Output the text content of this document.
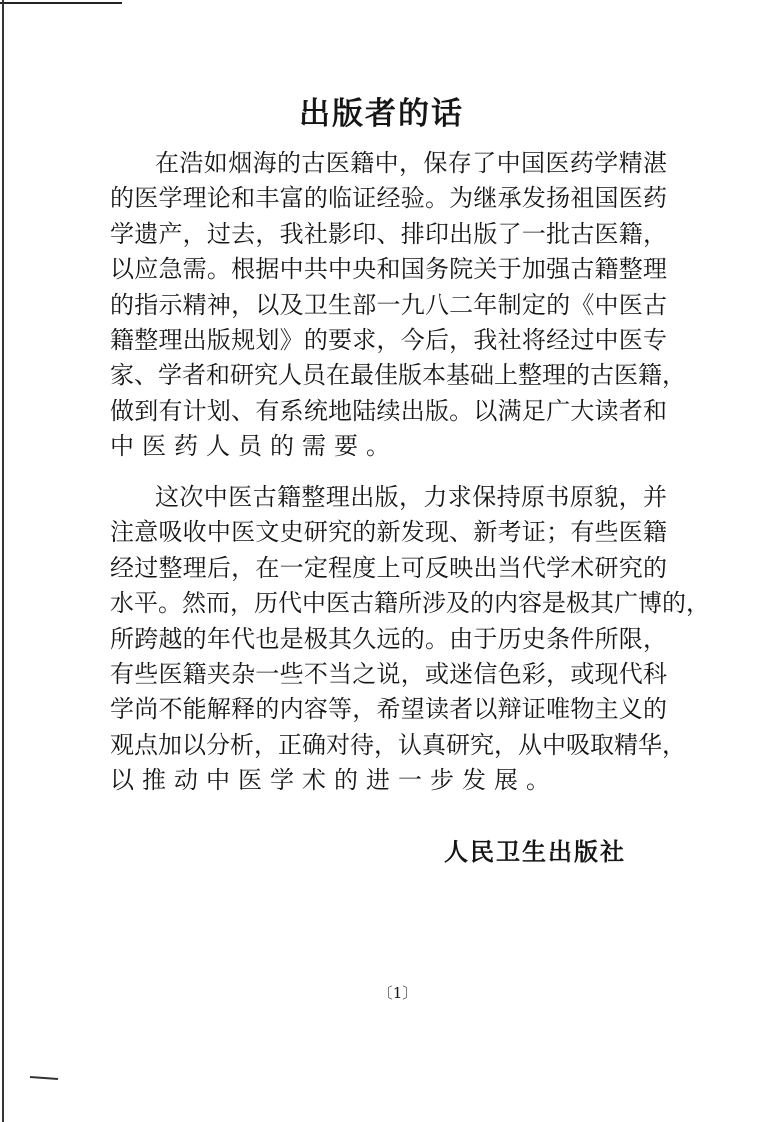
出版者的话
在浩如烟海的古医籍中，保存了中国医药学精湛
的医学理论和丰富的临证经验。为继承发扬祖国医药
学遗产，过去，我社影印、排印出版了一批古医籍，
以应急需。根据中共中央和国务院关于加强古籍整理
的指示精神，以及卫生部一九八二年制定的《中医古
籍整理出版规划》的要求，今后，我社将经过中医专
家、学者和研究人员在最佳版本基础上整理的古医籍，
做到有计划、有系统地陆续出版。以满足广大读者和
中医药人员的需要。
这次中医古籍整理出版，力求保持原书原貌，并
注意吸收中医文史研究的新发现、新考证；有些医籍
经过整理后，在一定程度上可反映出当代学术研究的
水平。然而，历代中医古籍所涉及的内容是极其广博的，
所跨越的年代也是极其久远的。由于历史条件所限，
有些医籍夹杂一些不当之说，或迷信色彩，或现代科
学尚不能解释的内容等，希望读者以辩证唯物主义的
观点加以分析，正确对待，认真研究，从中吸取精华，
以推动中医学术的进一步发展。
人民卫生出版社
〔1〕
